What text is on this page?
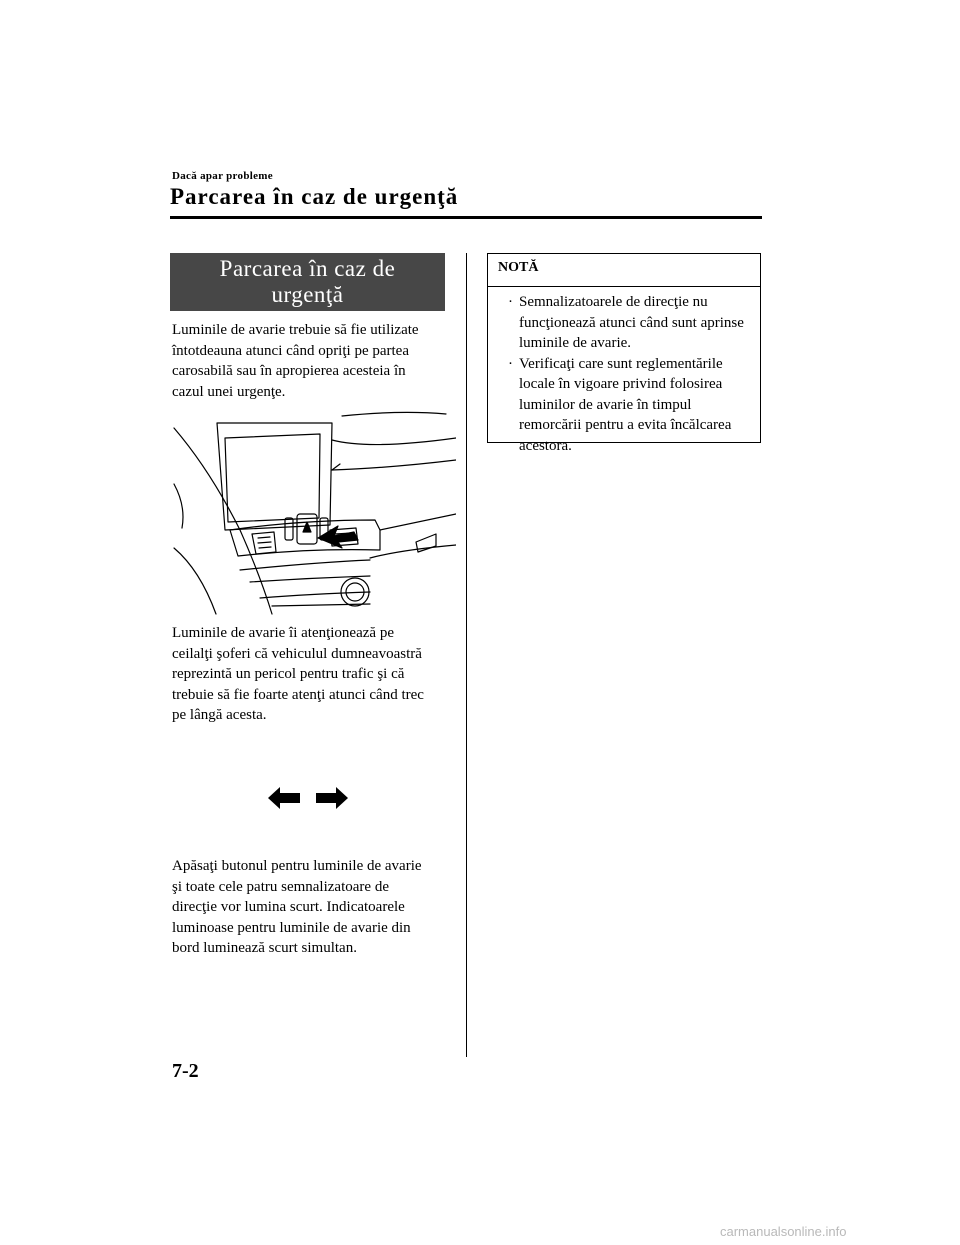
Dacă apar probleme
Parcarea în caz de urgenţă
Parcarea în caz de
urgenţă
Luminile de avarie trebuie să fie utilizate
întotdeauna atunci când opriţi pe partea
carosabilă sau în apropierea acesteia în
cazul unei urgenţe.
Luminile de avarie îi atenţionează pe
ceilalţi şoferi că vehiculul dumneavoastră
reprezintă un pericol pentru trafic şi că
trebuie să fie foarte atenţi atunci când trec
pe lângă acesta.
Apăsaţi butonul pentru luminile de avarie
şi toate cele patru semnalizatoare de
direcţie vor lumina scurt. Indicatoarele
luminoase pentru luminile de avarie din
bord luminează scurt simultan.
NOTĂ
· Semnalizatoarele de direcţie nu
funcţionează atunci când sunt aprinse
luminile de avarie.
· Verificaţi care sunt reglementările
locale în vigoare privind folosirea
luminilor de avarie în timpul
remorcării pentru a evita încălcarea
acestora.
7-2
carmanualsonline.info
